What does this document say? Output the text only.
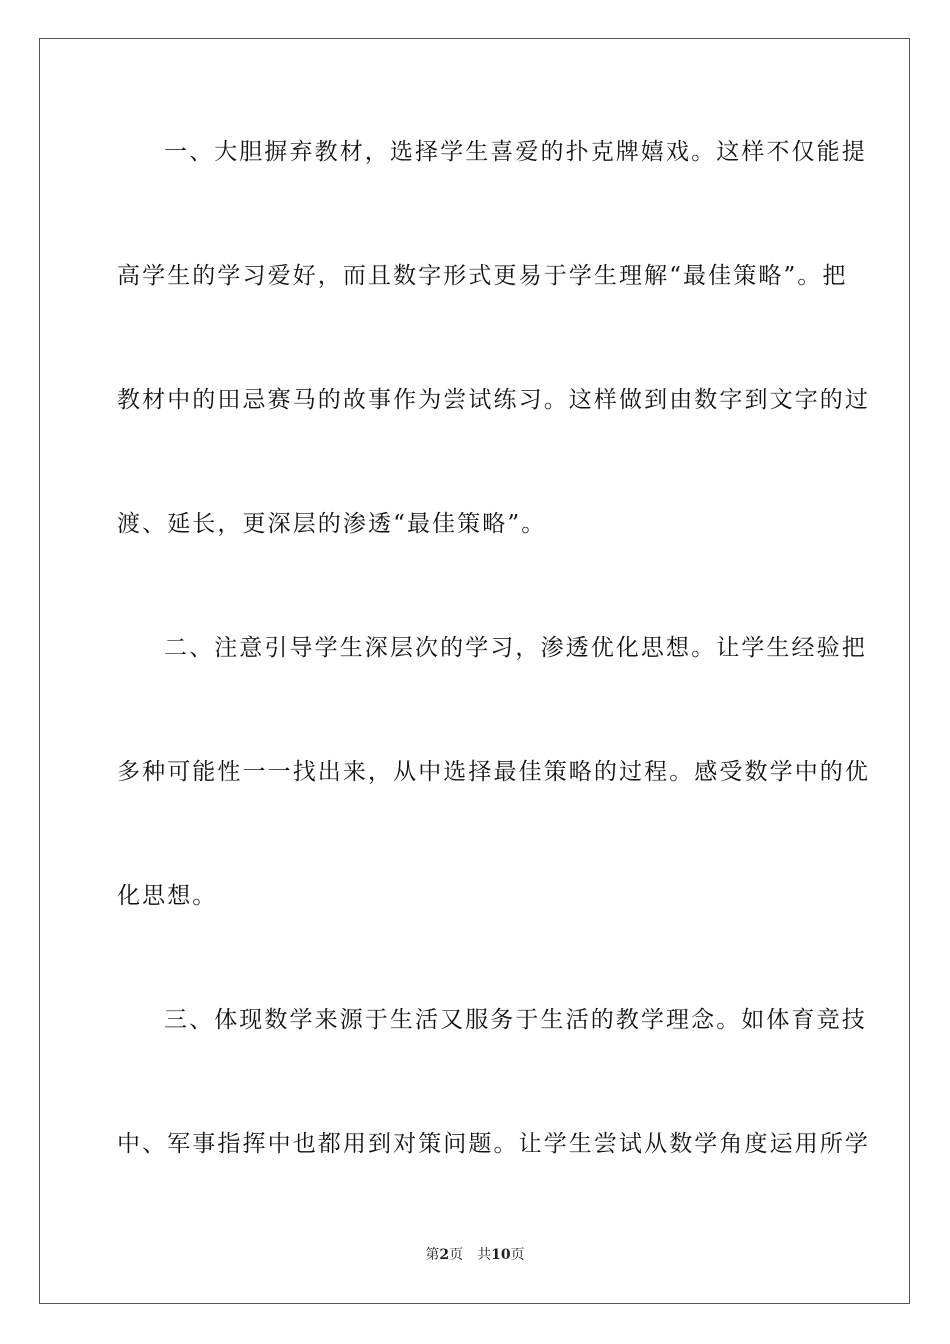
一、大胆摒弃教材，选择学生喜爱的扑克牌嬉戏。这样不仅能提
高学生的学习爱好，而且数字形式更易于学生理解“最佳策略”。把
教材中的田忌赛马的故事作为尝试练习。这样做到由数字到文字的过
渡、延长，更深层的渗透“最佳策略”。
二、注意引导学生深层次的学习，渗透优化思想。让学生经验把
多种可能性一一找出来，从中选择最佳策略的过程。感受数学中的优
化思想。
三、体现数学来源于生活又服务于生活的教学理念。如体育竞技
中、军事指挥中也都用到对策问题。让学生尝试从数学角度运用所学
第2页 共10页
